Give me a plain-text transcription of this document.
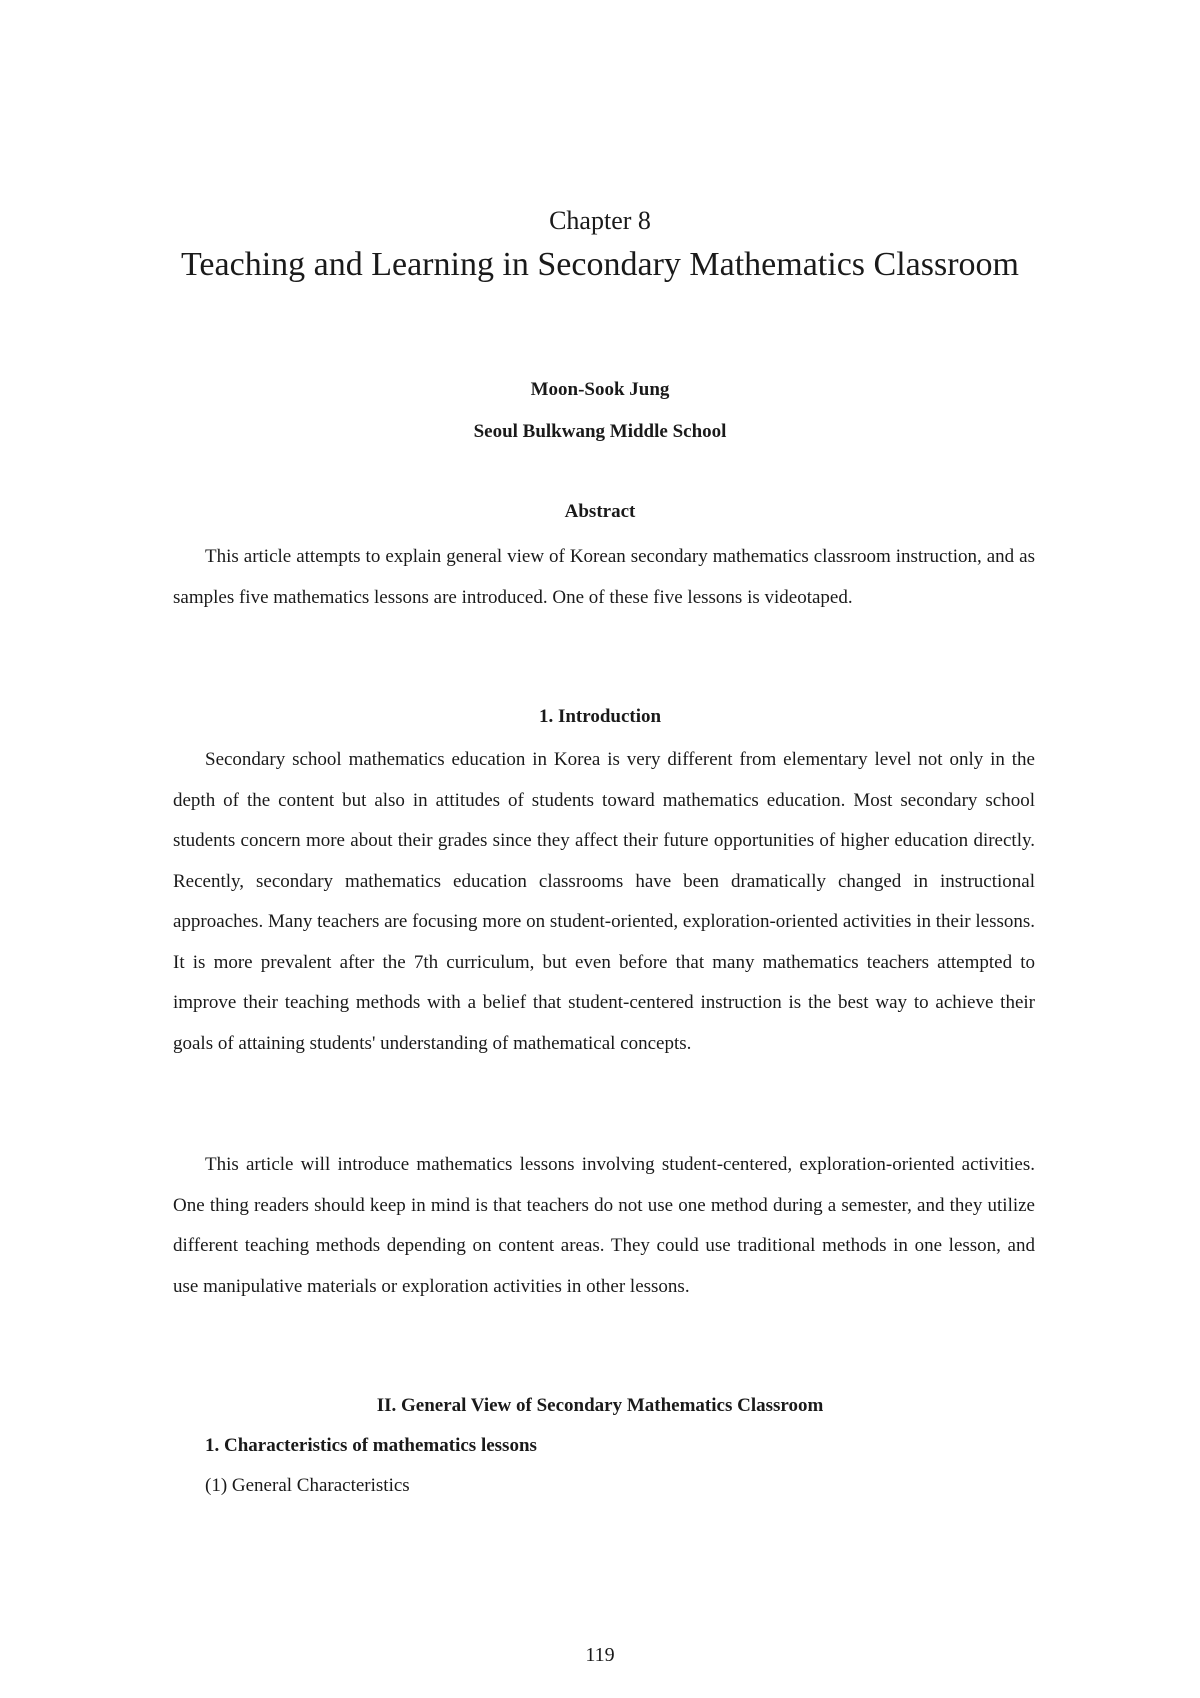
Chapter 8
Teaching and Learning in Secondary Mathematics Classroom
Moon-Sook Jung
Seoul Bulkwang Middle School
Abstract

This article attempts to explain general view of Korean secondary mathematics classroom instruction, and as samples five mathematics lessons are introduced. One of these five lessons is videotaped.

1. Introduction

Secondary school mathematics education in Korea is very different from elementary level not only in the depth of the content but also in attitudes of students toward mathematics education. Most secondary school students concern more about their grades since they affect their future opportunities of higher education directly. Recently, secondary mathematics education classrooms have been dramatically changed in instructional approaches. Many teachers are focusing more on student-oriented, exploration-oriented activities in their lessons. It is more prevalent after the 7th curriculum, but even before that many mathematics teachers attempted to improve their teaching methods with a belief that student-centered instruction is the best way to achieve their goals of attaining students' understanding of mathematical concepts.

This article will introduce mathematics lessons involving student-centered, exploration-oriented activities. One thing readers should keep in mind is that teachers do not use one method during a semester, and they utilize different teaching methods depending on content areas. They could use traditional methods in one lesson, and use manipulative materials or exploration activities in other lessons.

II. General View of Secondary Mathematics Classroom
1. Characteristics of mathematics lessons
(1) General Characteristics
119
